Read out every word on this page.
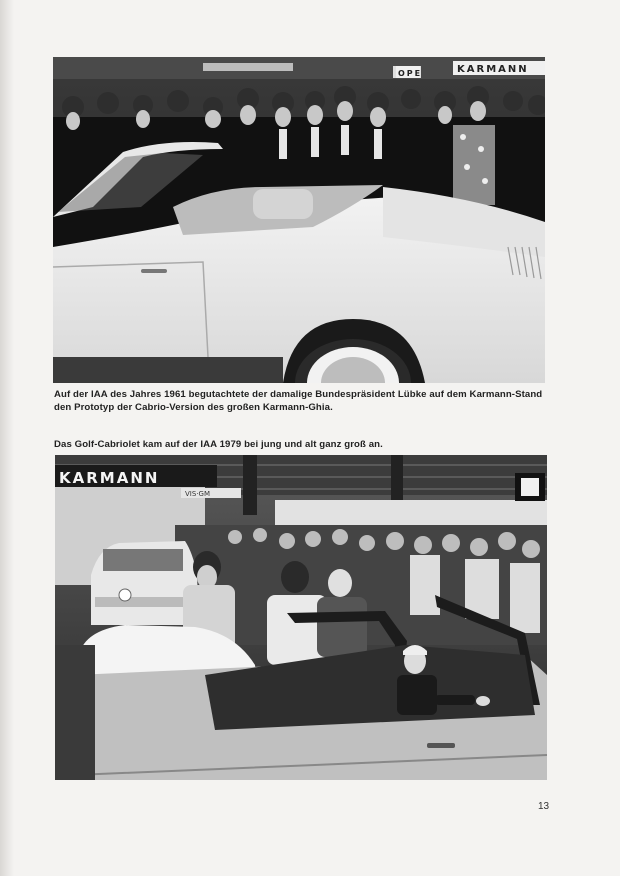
KARMANN
OPE
Auf der IAA des Jahres 1961 begutachtete der damalige Bundespräsident Lübke auf dem Karmann-Stand den Prototyp der Cabrio-Version des großen Karmann-Ghia.
Das Golf-Cabriolet kam auf der IAA 1979 bei jung und alt ganz groß an.
KARMANN
VIS·GM
13
